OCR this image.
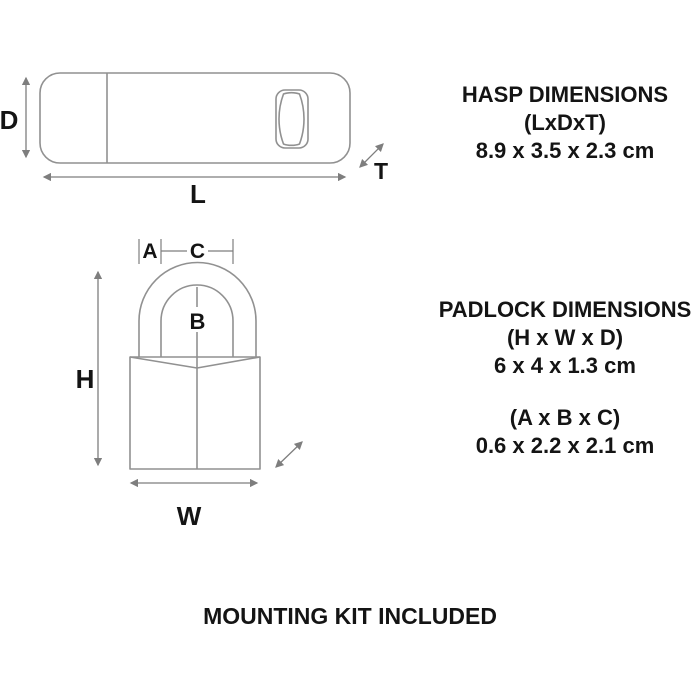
D
L
T
A C
B
H
W
HASP DIMENSIONS
(LxDxT)
8.9 x 3.5 x 2.3 cm
PADLOCK DIMENSIONS
(H x W x D)
6 x 4 x 1.3 cm
(A x B x C)
0.6 x 2.2 x 2.1 cm
MOUNTING KIT INCLUDED
